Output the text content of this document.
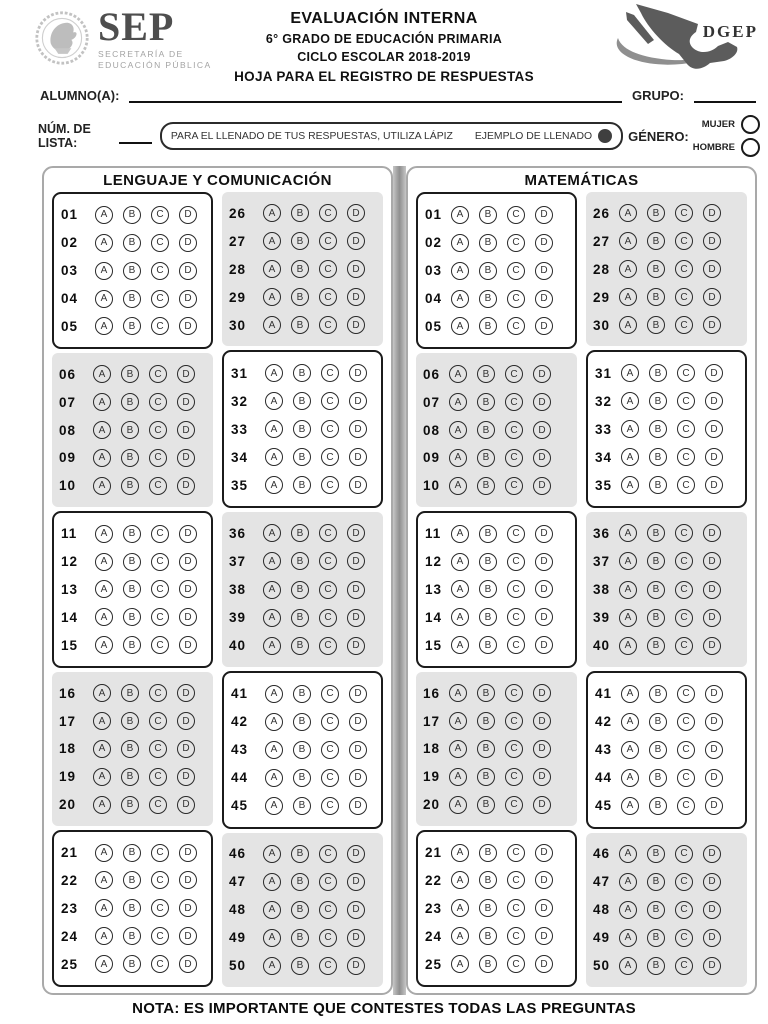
SEP
SECRETARÍA DE
EDUCACIÓN PÚBLICA
EVALUACIÓN INTERNA
6° GRADO DE EDUCACIÓN PRIMARIA
CICLO ESCOLAR 2018-2019
HOJA PARA EL REGISTRO DE RESPUESTAS
DGEP
ALUMNO(A):	GRUPO:
NÚM. DE LISTA:	PARA EL LLENADO DE TUS RESPUESTAS, UTILIZA LÁPIZ EJEMPLO DE LLENADO	GÉNERO:
MUJER
HOMBRE
LENGUAJE Y COMUNICACIÓN
01	A	B	C	D
02	A	B	C	D
03	A	B	C	D
04	A	B	C	D
05	A	B	C	D
06	A	B	C	D
07	A	B	C	D
08	A	B	C	D
09	A	B	C	D
10	A	B	C	D
11	A	B	C	D
12	A	B	C	D
13	A	B	C	D
14	A	B	C	D
15	A	B	C	D
16	A	B	C	D
17	A	B	C	D
18	A	B	C	D
19	A	B	C	D
20	A	B	C	D
21	A	B	C	D
22	A	B	C	D
23	A	B	C	D
24	A	B	C	D
25	A	B	C	D
26	A	B	C	D
27	A	B	C	D
28	A	B	C	D
29	A	B	C	D
30	A	B	C	D
31	A	B	C	D
32	A	B	C	D
33	A	B	C	D
34	A	B	C	D
35	A	B	C	D
36	A	B	C	D
37	A	B	C	D
38	A	B	C	D
39	A	B	C	D
40	A	B	C	D
41	A	B	C	D
42	A	B	C	D
43	A	B	C	D
44	A	B	C	D
45	A	B	C	D
46	A	B	C	D
47	A	B	C	D
48	A	B	C	D
49	A	B	C	D
50	A	B	C	D
MATEMÁTICAS
01	A	B	C	D
02	A	B	C	D
03	A	B	C	D
04	A	B	C	D
05	A	B	C	D
06	A	B	C	D
07	A	B	C	D
08	A	B	C	D
09	A	B	C	D
10	A	B	C	D
11	A	B	C	D
12	A	B	C	D
13	A	B	C	D
14	A	B	C	D
15	A	B	C	D
16	A	B	C	D
17	A	B	C	D
18	A	B	C	D
19	A	B	C	D
20	A	B	C	D
21	A	B	C	D
22	A	B	C	D
23	A	B	C	D
24	A	B	C	D
25	A	B	C	D
26	A	B	C	D
27	A	B	C	D
28	A	B	C	D
29	A	B	C	D
30	A	B	C	D
31	A	B	C	D
32	A	B	C	D
33	A	B	C	D
34	A	B	C	D
35	A	B	C	D
36	A	B	C	D
37	A	B	C	D
38	A	B	C	D
39	A	B	C	D
40	A	B	C	D
41	A	B	C	D
42	A	B	C	D
43	A	B	C	D
44	A	B	C	D
45	A	B	C	D
46	A	B	C	D
47	A	B	C	D
48	A	B	C	D
49	A	B	C	D
50	A	B	C	D
NOTA: ES IMPORTANTE QUE CONTESTES TODAS LAS PREGUNTAS
